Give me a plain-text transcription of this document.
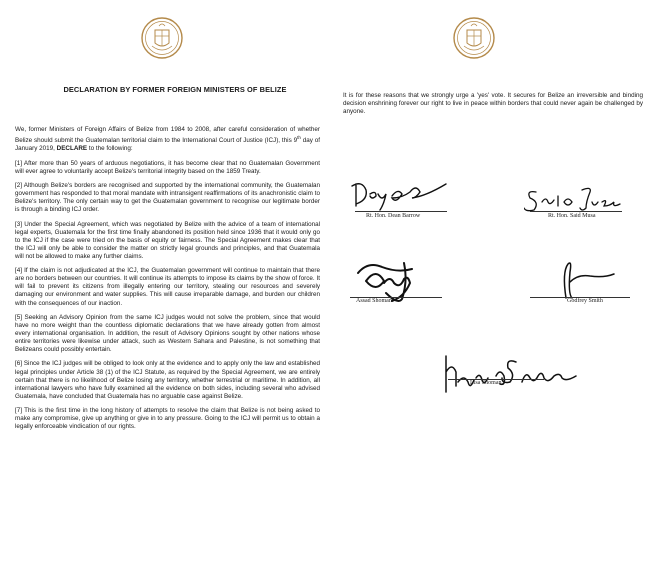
DECLARATION BY FORMER FOREIGN MINISTERS OF BELIZE

We, former Ministers of Foreign Affairs of Belize from 1984 to 2008, after careful consideration of whether Belize should submit the Guatemalan territorial claim to the International Court of Justice (ICJ), this 9th day of January 2019, DECLARE to the following:

[1] After more than 50 years of arduous negotiations, it has become clear that no Guatemalan Government will ever agree to voluntarily accept Belize's territorial integrity based on the 1859 Treaty.

[2] Although Belize's borders are recognised and supported by the international community, the Guatemalan government has responded to that moral mandate with intransigent reaffirmations of its anachronistic claim to Belize's territory. The only certain way to get the Guatemalan government to recognise our legitimate border is through a binding ICJ order.

[3] Under the Special Agreement, which was negotiated by Belize with the advice of a team of international legal experts, Guatemala for the first time finally abandoned its position held since 1936 that it would only go to the ICJ if the case were tried on the basis of equity or fairness. The Special Agreement makes clear that the ICJ will only be able to consider the matter on strictly legal grounds and principles, and that Guatemala will not be allowed to make any further claims.

[4] If the claim is not adjudicated at the ICJ, the Guatemalan government will continue to maintain that there are no borders between our countries. It will continue its attempts to impose its claims by the show of force. It will fail to prevent its citizens from illegally entering our territory, stealing our resources and severely damaging our environment and water supplies. This will cause irreparable damage, and burden our children with the consequences of our inaction.

[5] Seeking an Advisory Opinion from the same ICJ judges would not solve the problem, since that would have no more weight than the countless diplomatic declarations that we have already gotten from almost every international organisation. In addition, the result of Advisory Opinions sought by other nations whose entire territories were likewise under attack, such as Western Sahara and Palestine, is not something that Belizeans could possibly entertain.

[6] Since the ICJ judges will be obliged to look only at the evidence and to apply only the law and established legal principles under Article 38 (1) of the ICJ Statute, as required by the Special Agreement, we are entirely certain that there is no likelihood of Belize losing any territory, whether terrestrial or maritime. In addition, all international lawyers who have fully examined all the evidence on both sides, including several who advised Guatemala, have concluded that Guatemala has no arguable case against Belize.

[7] This is the first time in the long history of attempts to resolve the claim that Belize is not being asked to make any compromise, give up anything or give in to any pressure. Going to the ICJ will permit us to obtain a legally enforceable vindication of our rights.

It is for these reasons that we strongly urge a 'yes' vote. It secures for Belize an irreversible and binding decision enshrining forever our right to live in peace within borders that could never again be challenged by anyone.
Rt. Hon. Dean Barrow	Rt. Hon. Said Musa
Assad Shoman	Godfrey Smith
Lisa Shoman
